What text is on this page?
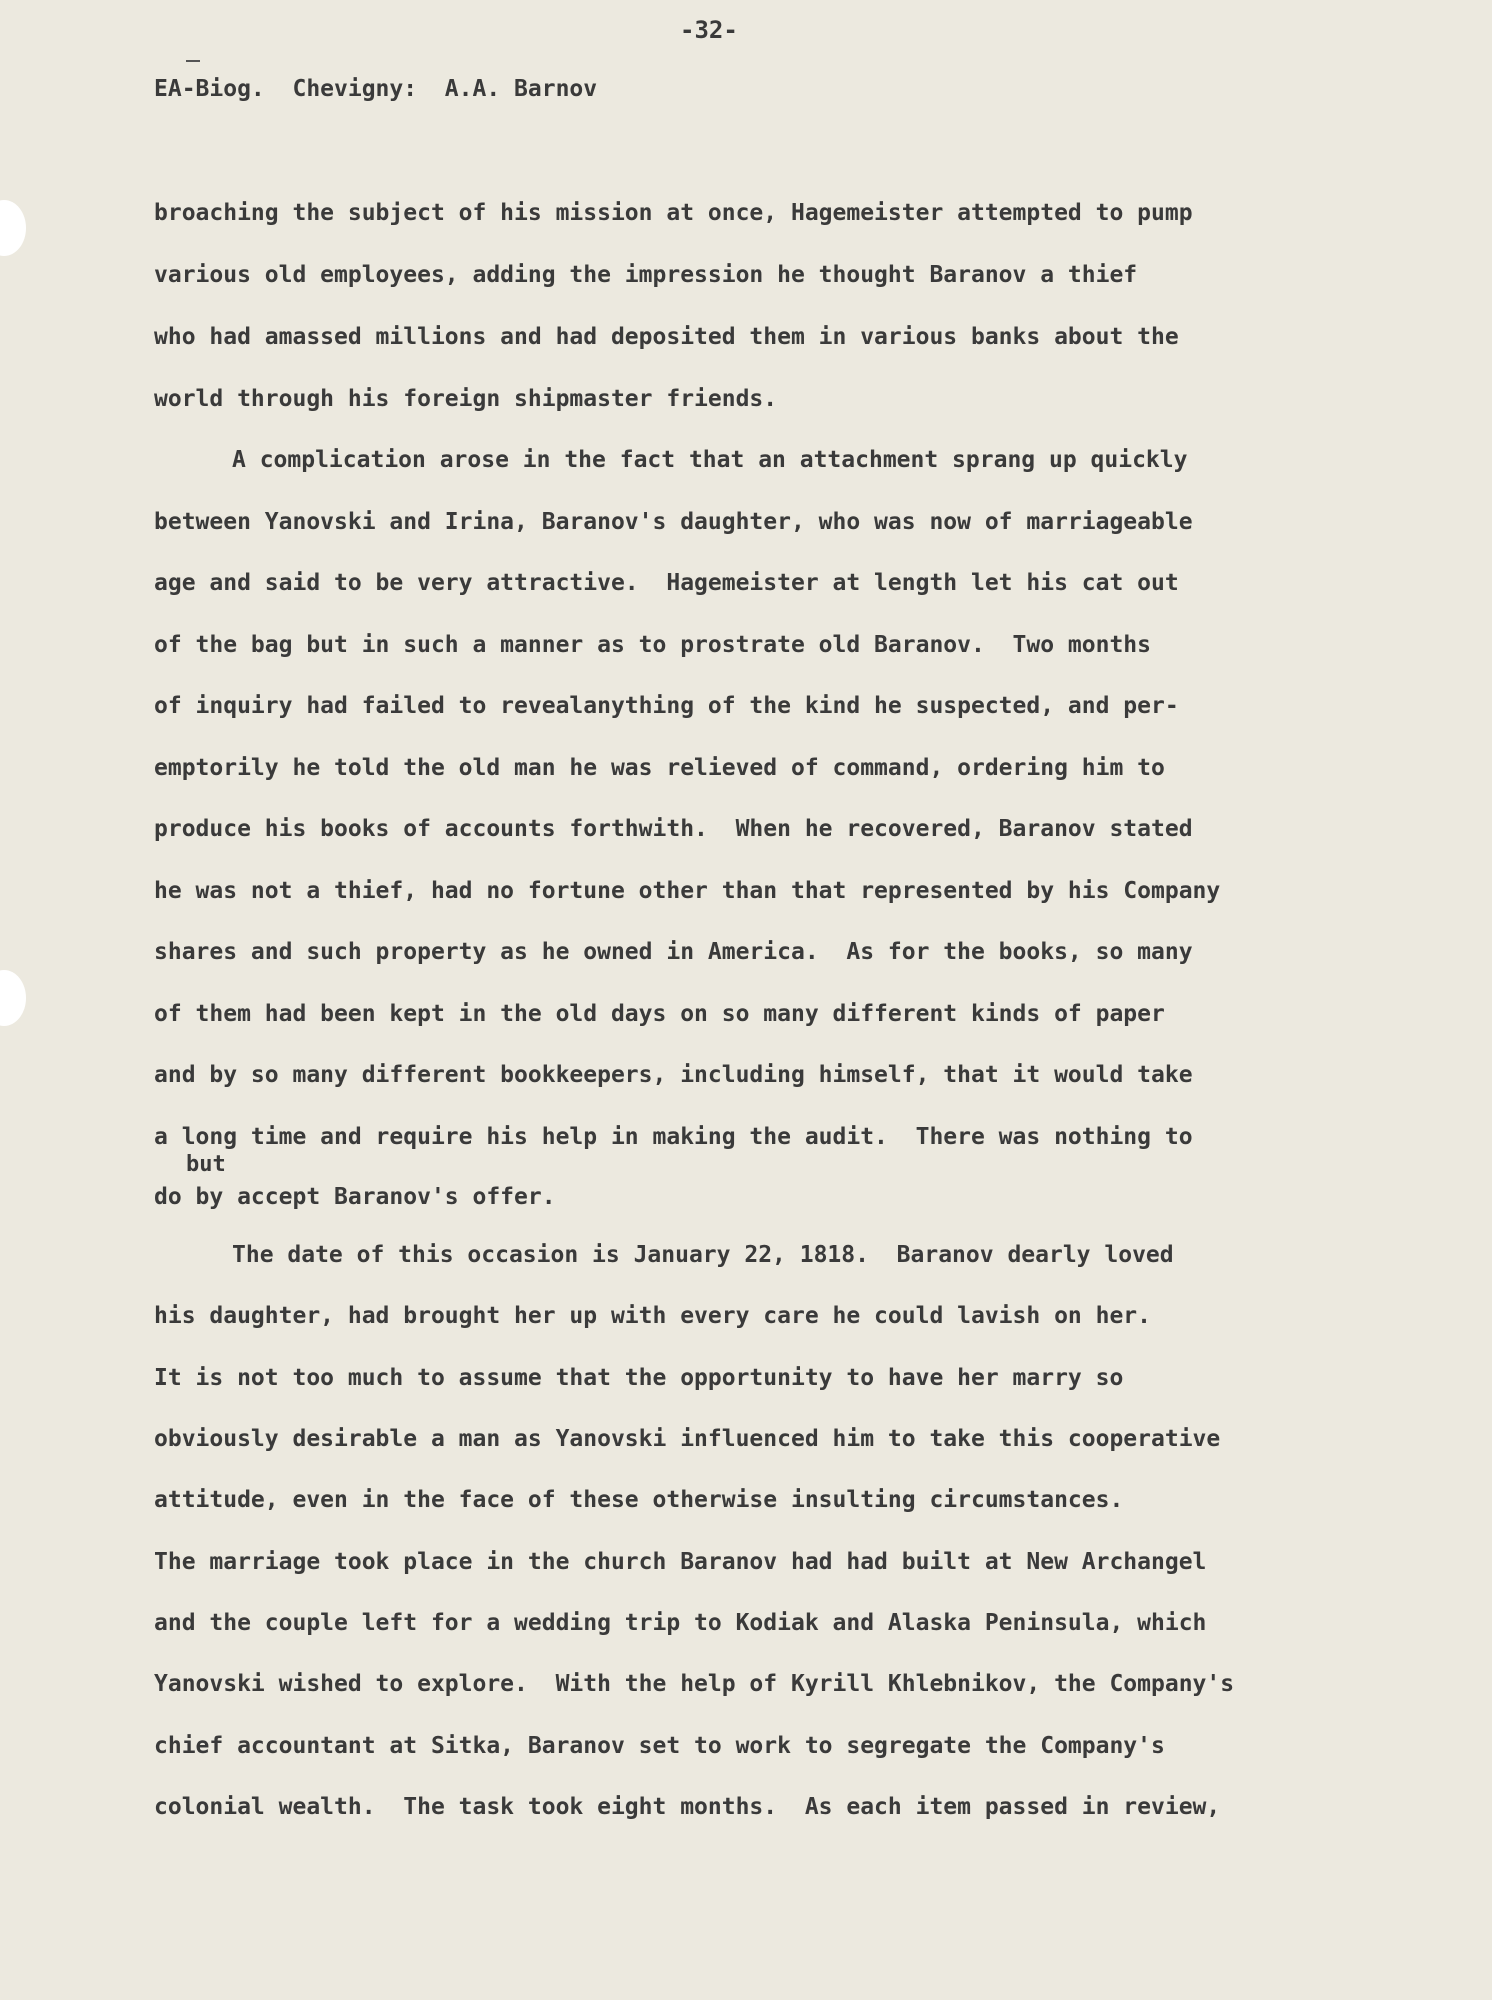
-32-
EA-Biog.  Chevigny:  A.A. Barnov
broaching the subject of his mission at once, Hagemeister attempted to pump
various old employees, adding the impression he thought Baranov a thief
who had amassed millions and had deposited them in various banks about the
world through his foreign shipmaster friends.
A complication arose in the fact that an attachment sprang up quickly
between Yanovski and Irina, Baranov's daughter, who was now of marriageable
age and said to be very attractive.  Hagemeister at length let his cat out
of the bag but in such a manner as to prostrate old Baranov.  Two months
of inquiry had failed to revealanything of the kind he suspected, and per-
emptorily he told the old man he was relieved of command, ordering him to
produce his books of accounts forthwith.  When he recovered, Baranov stated
he was not a thief, had no fortune other than that represented by his Company
shares and such property as he owned in America.  As for the books, so many
of them had been kept in the old days on so many different kinds of paper
and by so many different bookkeepers, including himself, that it would take
a long time and require his help in making the audit.  There was nothing to
but
do by accept Baranov's offer.
The date of this occasion is January 22, 1818.  Baranov dearly loved
his daughter, had brought her up with every care he could lavish on her.
It is not too much to assume that the opportunity to have her marry so
obviously desirable a man as Yanovski influenced him to take this cooperative
attitude, even in the face of these otherwise insulting circumstances.
The marriage took place in the church Baranov had had built at New Archangel
and the couple left for a wedding trip to Kodiak and Alaska Peninsula, which
Yanovski wished to explore.  With the help of Kyrill Khlebnikov, the Company's
chief accountant at Sitka, Baranov set to work to segregate the Company's
colonial wealth.  The task took eight months.  As each item passed in review,
